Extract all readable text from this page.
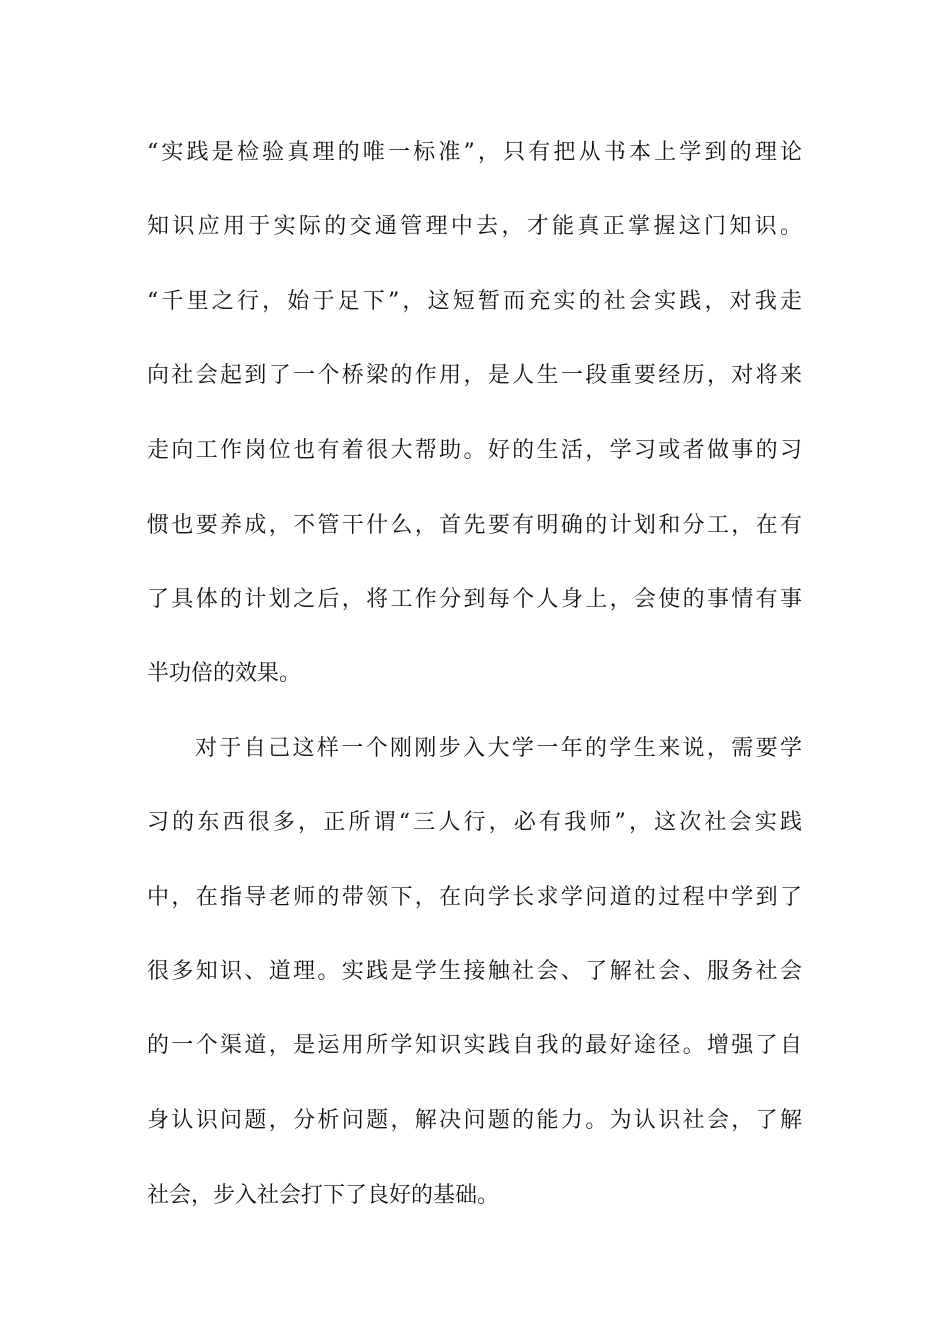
“实践是检验真理的唯一标准”，只有把从书本上学到的理论

知识应用于实际的交通管理中去，才能真正掌握这门知识。

“千里之行，始于足下”，这短暂而充实的社会实践，对我走

向社会起到了一个桥梁的作用，是人生一段重要经历，对将来

走向工作岗位也有着很大帮助。好的生活，学习或者做事的习

惯也要养成，不管干什么，首先要有明确的计划和分工，在有

了具体的计划之后，将工作分到每个人身上，会使的事情有事

半功倍的效果。

对于自己这样一个刚刚步入大学一年的学生来说，需要学

习的东西很多，正所谓“三人行，必有我师”，这次社会实践

中，在指导老师的带领下，在向学长求学问道的过程中学到了

很多知识、道理。实践是学生接触社会、了解社会、服务社会

的一个渠道，是运用所学知识实践自我的最好途径。增强了自

身认识问题，分析问题，解决问题的能力。为认识社会，了解

社会，步入社会打下了良好的基础。
